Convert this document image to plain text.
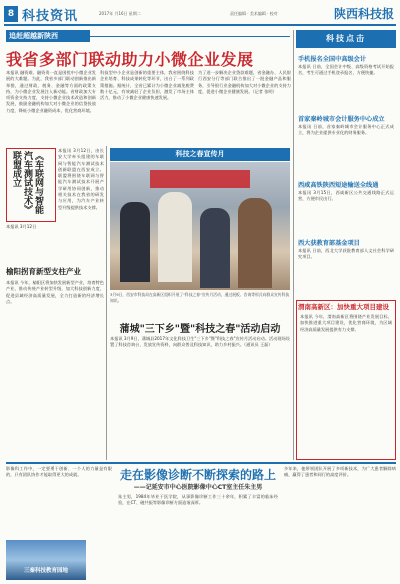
8 科技资讯	2017年 月16日 星期二	责任编辑 · 美术编辑 · 校对	陕西科技报
追赶超越新陕西
我省多部门联动助力小微企业发展
本报讯 融资难、融资贵一直是困扰中小微企业发展的大难题。为此，我省多部门联动创新推出新举措，通过财政、税务、金融等方面的政策支持，为小微企业发展注入新动能。省财政加大专项资金支持力度，支持小微企业技术改造和创新发展，鼓励金融机构加大对小微企业的信贷投放力度，降低小微企业融资成本，优化营商环境。
科技型中小企业是创新的重要主体，我省围绕科技企业培育、科技成果转化等环节，出台了一系列政策措施。据统计，全省已累计为小微企业减免税费数十亿元，有效减轻了企业负担，激发了市场主体活力，推动了小微企业健康快速发展。
为了进一步解决企业贷款难题，省金融办、人民银行西安分行等部门联合推出了一批金融产品和服务，引导银行业金融机构加大对小微企业的支持力度，促进小微企业健康发展。（记者 张明）
《车联网与智能汽车测试技术》联盟成立
本报讯 3月12日，由长安大学牵头组建的车联网与智能汽车测试技术创新联盟在西安成立。联盟将围绕车联网与智能汽车测试技术开展产学研用协同创新，推动相关技术在我省的研发与应用，为汽车产业转型升级提供技术支撑。
本报讯 3月12日
榆阳拐育新型支柱产业
本报讯 今年，榆阳区将加快发展新型产业，培育特色产业，推动传统产业转型升级，加大科技创新力度，促进县域经济高质量发展，全力打造新的经济增长点。
科技之春宣传月
3月9日，西安市科技局在高新区组织开展了"科技之春"宣传月活动，通过展板、咨询等形式向群众宣传科技知识。
蒲城"三下乡"暨"科技之春"活动启动
本报讯 3月9日，蒲城县2017年文化科技卫生"三下乡"暨"科技之春"宣传月活动启动。活动现场设置了科技咨询台、发放宣传资料，向群众普及科技知识，助力乡村振兴。（通讯员 王磊）
科技点击
手机报名全国中高级会计
本报讯 日前，全国会计中级、高级资格考试开始报名，考生可通过手机登录报名，方便快捷。
首家秦岭城市会计服务中心成立
本报讯 日前，首家秦岭城市会计服务中心正式成立，将为企业提供专业化的财务服务。
西咸高铁陕西短途输送全线通
本报讯 3月15日，西咸新区公共交通线路正式运营，方便市民出行。
西大获教育部基金项目
本报讯 日前，西北大学获批教育部人文社会科学研究项目。
渭南高新区：加快重大项目建设
本报讯 今年，渭南高新区将围绕产业发展目标，加快推进重大项目建设，优化营商环境，为区域经济高质量发展提供有力支撑。
影像科工作中，一定要勇于创新、一个人的力量是有限的，只有团队协作才能取得更大的成就。	走在影像诊断不断探索的路上
——记延安市中心医院影像中心CT室主任朱主男
朱主男，1984年毕业于医学院，从事影像诊断工作三十余年，积累了丰富的临床经验，在CT、磁共振等影像诊断方面造诣深厚。
多年来，他带领团队开展了多项新技术，为广大患者解除病痛，赢得了患者和同行的高度评价。
三秦科技教育园地
